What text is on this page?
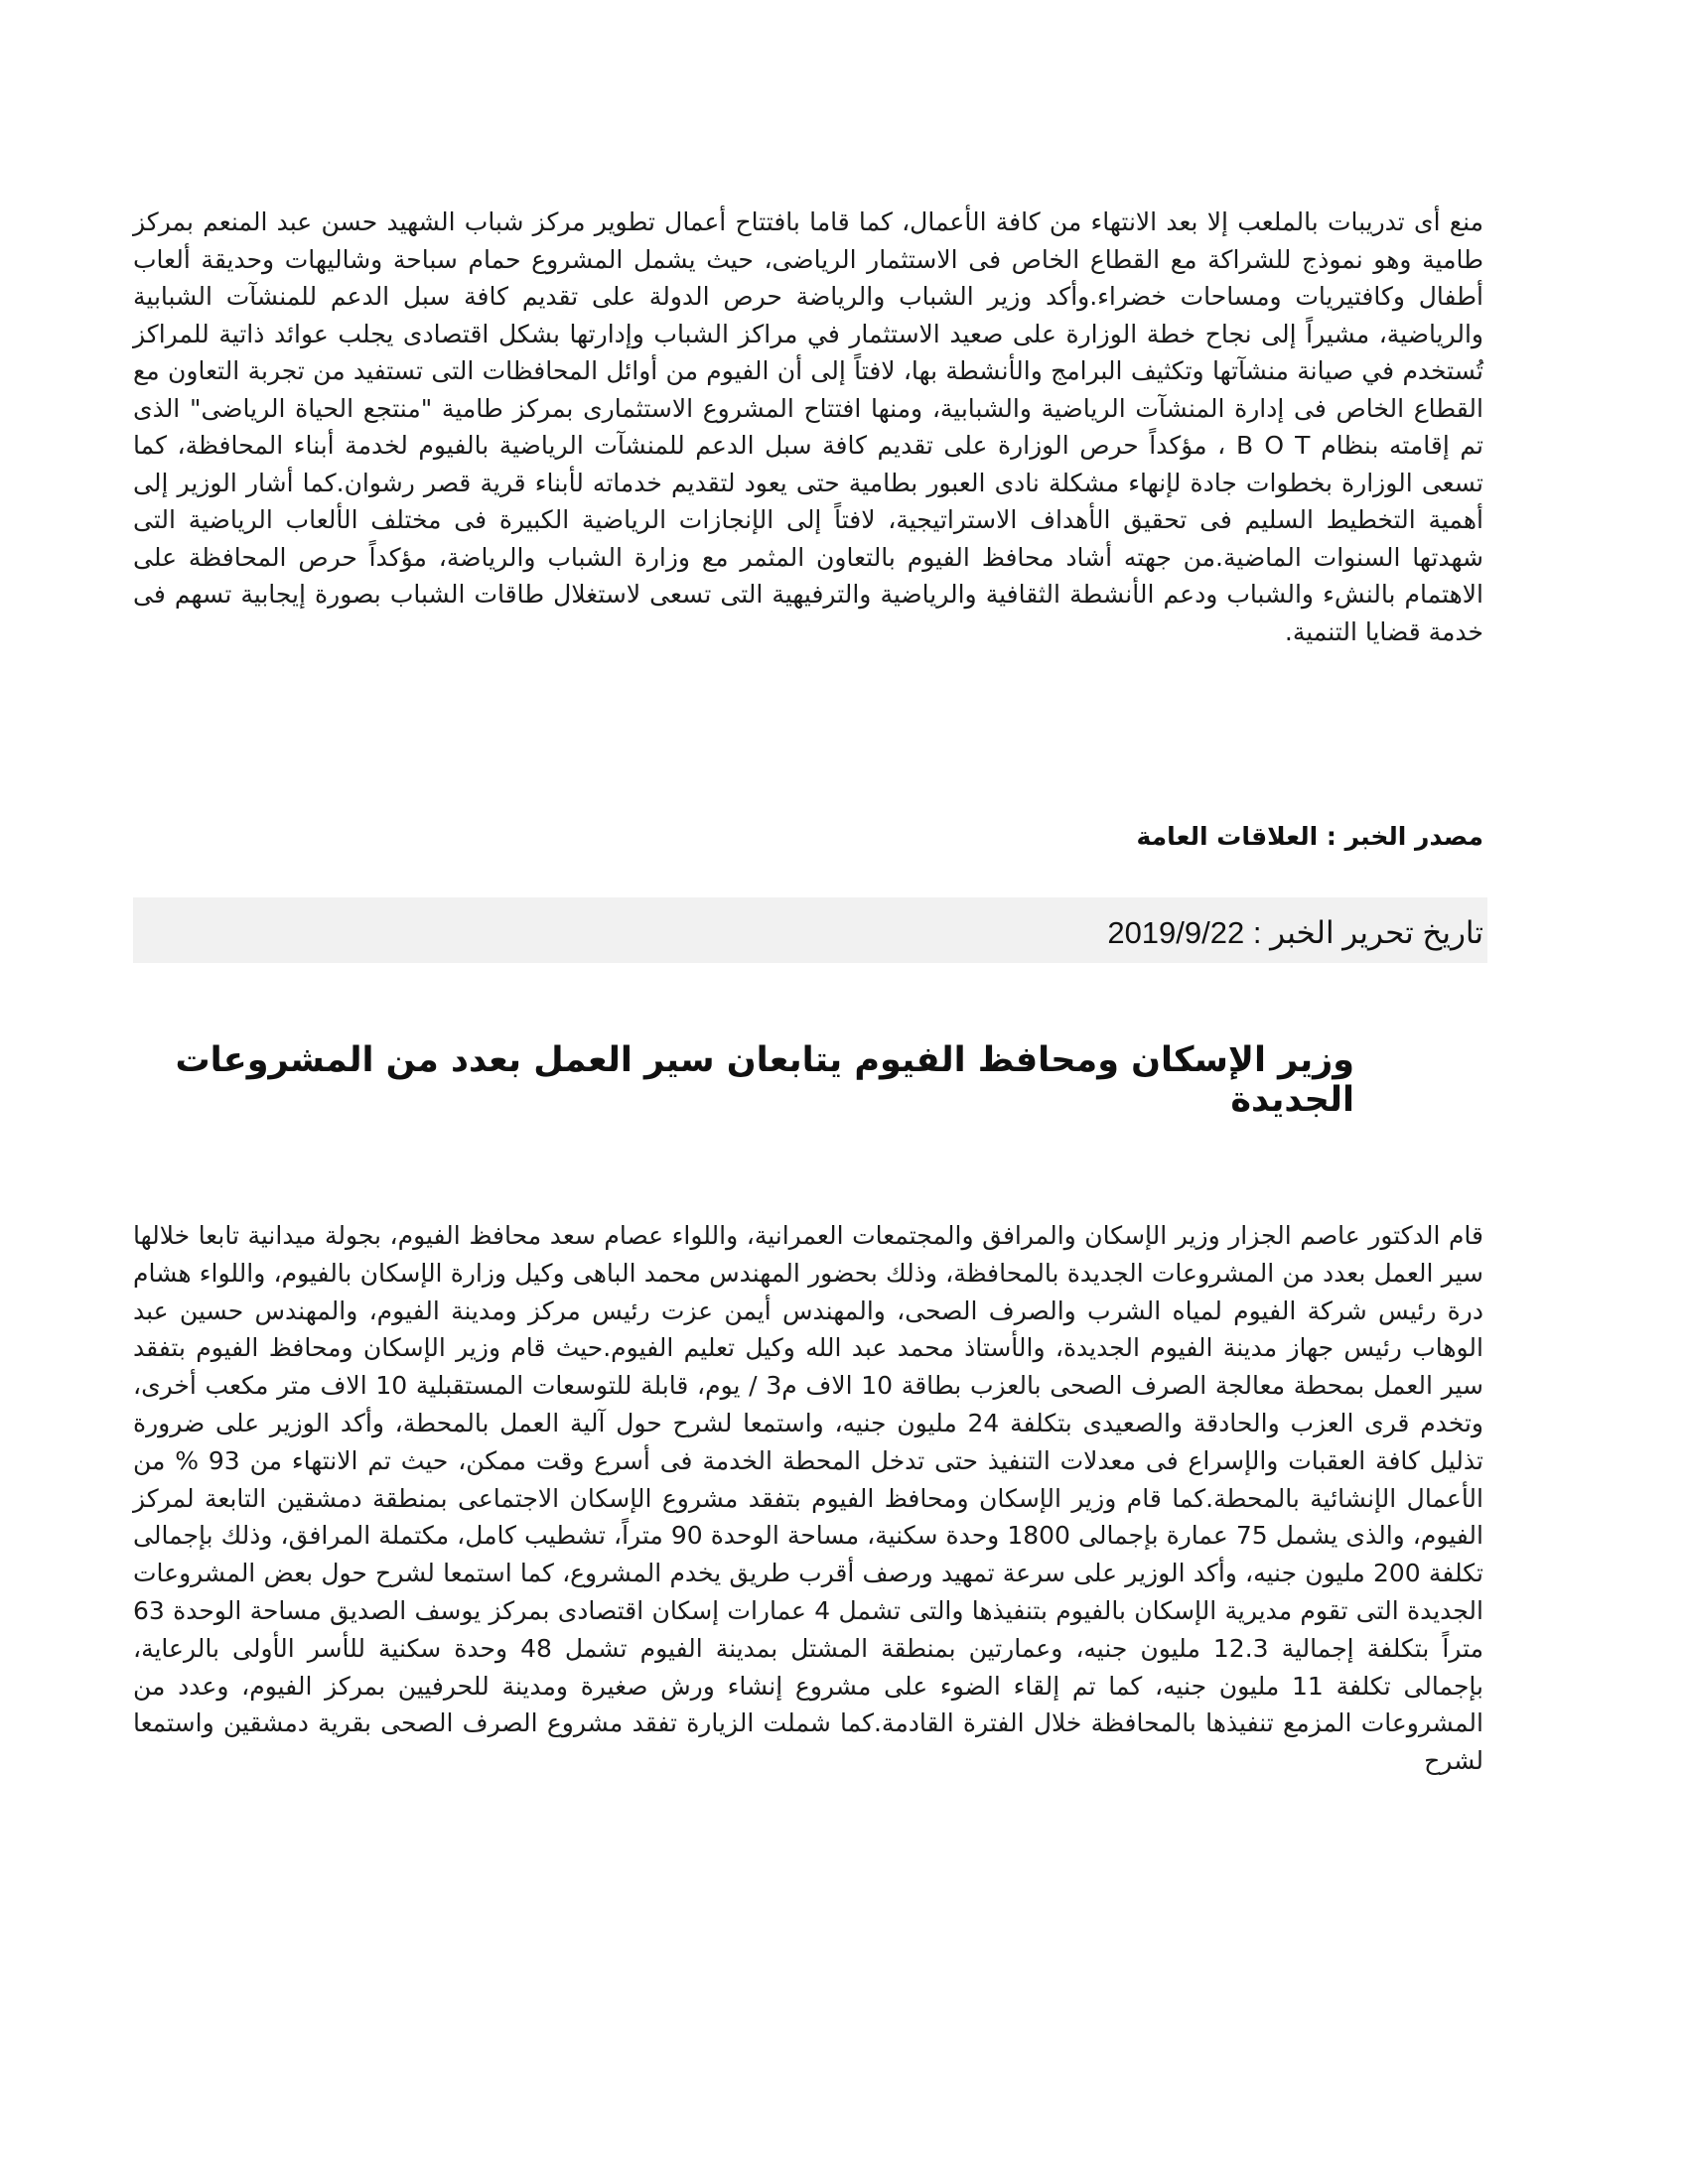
منع أى تدريبات بالملعب إلا بعد الانتهاء من كافة الأعمال، كما قاما بافتتاح أعمال تطوير مركز شباب الشهيد حسن عبد المنعم بمركز طامية وهو نموذج للشراكة مع القطاع الخاص فى الاستثمار الرياضى، حيث يشمل المشروع حمام سباحة وشاليهات وحديقة ألعاب أطفال وكافتيريات ومساحات خضراء.وأكد وزير الشباب والرياضة حرص الدولة على تقديم كافة سبل الدعم للمنشآت الشبابية والرياضية، مشيراً إلى نجاح خطة الوزارة على صعيد الاستثمار في مراكز الشباب وإدارتها بشكل اقتصادى يجلب عوائد ذاتية للمراكز تُستخدم في صيانة منشآتها وتكثيف البرامج والأنشطة بها، لافتاً إلى أن الفيوم من أوائل المحافظات التى تستفيد من تجربة التعاون مع القطاع الخاص فى إدارة المنشآت الرياضية والشبابية، ومنها افتتاح المشروع الاستثمارى بمركز طامية "منتجع الحياة الرياضى" الذى تم إقامته بنظام B O T ، مؤكداً حرص الوزارة على تقديم كافة سبل الدعم للمنشآت الرياضية بالفيوم لخدمة أبناء المحافظة، كما تسعى الوزارة بخطوات جادة لإنهاء مشكلة نادى العبور بطامية حتى يعود لتقديم خدماته لأبناء قرية قصر رشوان.كما أشار الوزير إلى أهمية التخطيط السليم فى تحقيق الأهداف الاستراتيجية، لافتاً إلى الإنجازات الرياضية الكبيرة فى مختلف الألعاب الرياضية التى شهدتها السنوات الماضية.من جهته أشاد محافظ الفيوم بالتعاون المثمر مع وزارة الشباب والرياضة، مؤكداً حرص المحافظة على الاهتمام بالنشء والشباب ودعم الأنشطة الثقافية والرياضية والترفيهية التى تسعى لاستغلال طاقات الشباب بصورة إيجابية تسهم فى خدمة قضايا التنمية.

مصدر الخبر : العلاقات العامة
تاريخ تحرير الخبر : 2019/9/22
وزير الإسكان ومحافظ الفيوم يتابعان سير العمل بعدد من المشروعات الجديدة

قام الدكتور عاصم الجزار وزير الإسكان والمرافق والمجتمعات العمرانية، واللواء عصام سعد محافظ الفيوم، بجولة ميدانية تابعا خلالها سير العمل بعدد من المشروعات الجديدة بالمحافظة، وذلك بحضور المهندس محمد الباهى وكيل وزارة الإسكان بالفيوم، واللواء هشام درة رئيس شركة الفيوم لمياه الشرب والصرف الصحى، والمهندس أيمن عزت رئيس مركز ومدينة الفيوم، والمهندس حسين عبد الوهاب رئيس جهاز مدينة الفيوم الجديدة، والأستاذ محمد عبد الله وكيل تعليم الفيوم.حيث قام وزير الإسكان ومحافظ الفيوم بتفقد سير العمل بمحطة معالجة الصرف الصحى بالعزب بطاقة 10 الاف م3 / يوم، قابلة للتوسعات المستقبلية 10 الاف متر مكعب أخرى، وتخدم قرى العزب والحادقة والصعيدى بتكلفة 24 مليون جنيه، واستمعا لشرح حول آلية العمل بالمحطة، وأكد الوزير على ضرورة تذليل كافة العقبات والإسراع فى معدلات التنفيذ حتى تدخل المحطة الخدمة فى أسرع وقت ممكن، حيث تم الانتهاء من 93 % من الأعمال الإنشائية بالمحطة.كما قام وزير الإسكان ومحافظ الفيوم بتفقد مشروع الإسكان الاجتماعى بمنطقة دمشقين التابعة لمركز الفيوم، والذى يشمل 75 عمارة بإجمالى 1800 وحدة سكنية، مساحة الوحدة 90 متراً، تشطيب كامل، مكتملة المرافق، وذلك بإجمالى تكلفة 200 مليون جنيه، وأكد الوزير على سرعة تمهيد ورصف أقرب طريق يخدم المشروع، كما استمعا لشرح حول بعض المشروعات الجديدة التى تقوم مديرية الإسكان بالفيوم بتنفيذها والتى تشمل 4 عمارات إسكان اقتصادى بمركز يوسف الصديق مساحة الوحدة 63 متراً بتكلفة إجمالية 12.3 مليون جنيه، وعمارتين بمنطقة المشتل بمدينة الفيوم تشمل 48 وحدة سكنية للأسر الأولى بالرعاية، بإجمالى تكلفة 11 مليون جنيه، كما تم إلقاء الضوء على مشروع إنشاء ورش صغيرة ومدينة للحرفيين بمركز الفيوم، وعدد من المشروعات المزمع تنفيذها بالمحافظة خلال الفترة القادمة.كما شملت الزيارة تفقد مشروع الصرف الصحى بقرية دمشقين واستمعا لشرح
